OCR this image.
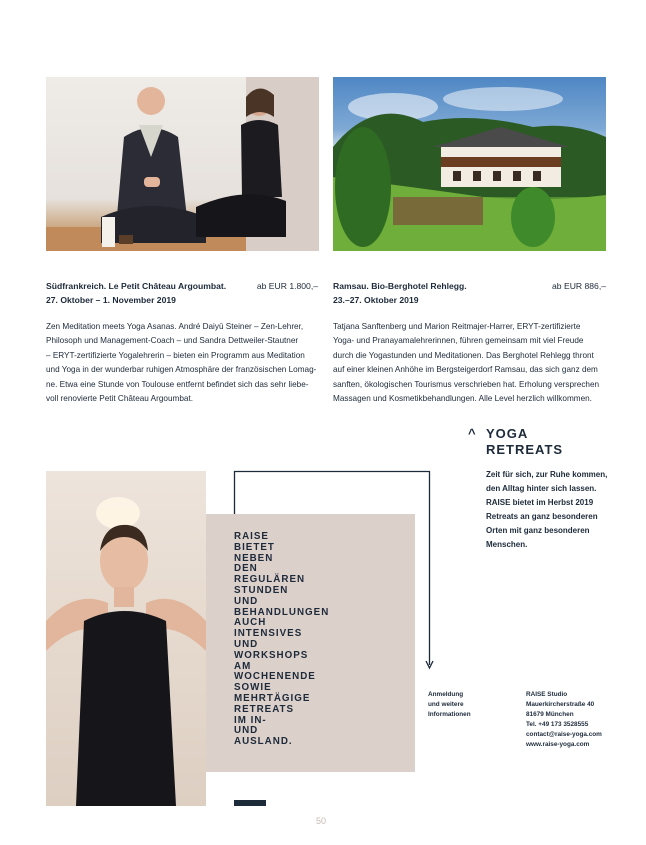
Südfrankreich. Le Petit Château Argoumbat.	ab EUR 1.800,–
27. Oktober – 1. November 2019
Ramsau. Bio-Berghotel Rehlegg.	ab EUR 886,–
23.–27. Oktober 2019
Zen Meditation meets Yoga Asanas. André Daiyū Steiner – Zen-Lehrer,
Philosoph und Management-Coach – und Sandra Dettweiler-Stautner
– ERYT-zertifizierte Yogalehrerin – bieten ein Programm aus Meditation
und Yoga in der wunderbar ruhigen Atmosphäre der französischen Lomag-
ne. Etwa eine Stunde von Toulouse entfernt befindet sich das sehr liebe-
voll renovierte Petit Château Argoumbat.
Tatjana Sanftenberg und Marion Reitmajer-Harrer, ERYT-zertifizierte
Yoga- und Pranayamalehrerinnen, führen gemeinsam mit viel Freude
durch die Yogastunden und Meditationen. Das Berghotel Rehlegg thront
auf einer kleinen Anhöhe im Bergsteigerdorf Ramsau, das sich ganz dem
sanften, ökologischen Tourismus verschrieben hat. Erholung versprechen
Massagen und Kosmetikbehandlungen. Alle Level herzlich willkommen.
^ YOGA
RETREATS
Zeit für sich, zur Ruhe kommen,
den Alltag hinter sich lassen.
RAISE bietet im Herbst 2019
Retreats an ganz besonderen
Orten mit ganz besonderen
Menschen.
RAISE
BIETET
NEBEN
DEN
REGULÄREN
STUNDEN
UND
BEHANDLUNGEN
AUCH
INTENSIVES
UND
WORKSHOPS
AM
WOCHENENDE
SOWIE
MEHRTÄGIGE
RETREATS
IM IN-
UND
AUSLAND.
Anmeldung
und weitere
Informationen
RAISE Studio
Mauerkircherstraße 40
81679 München
Tel. +49 173 3528555
contact@raise-yoga.com
www.raise-yoga.com
50
